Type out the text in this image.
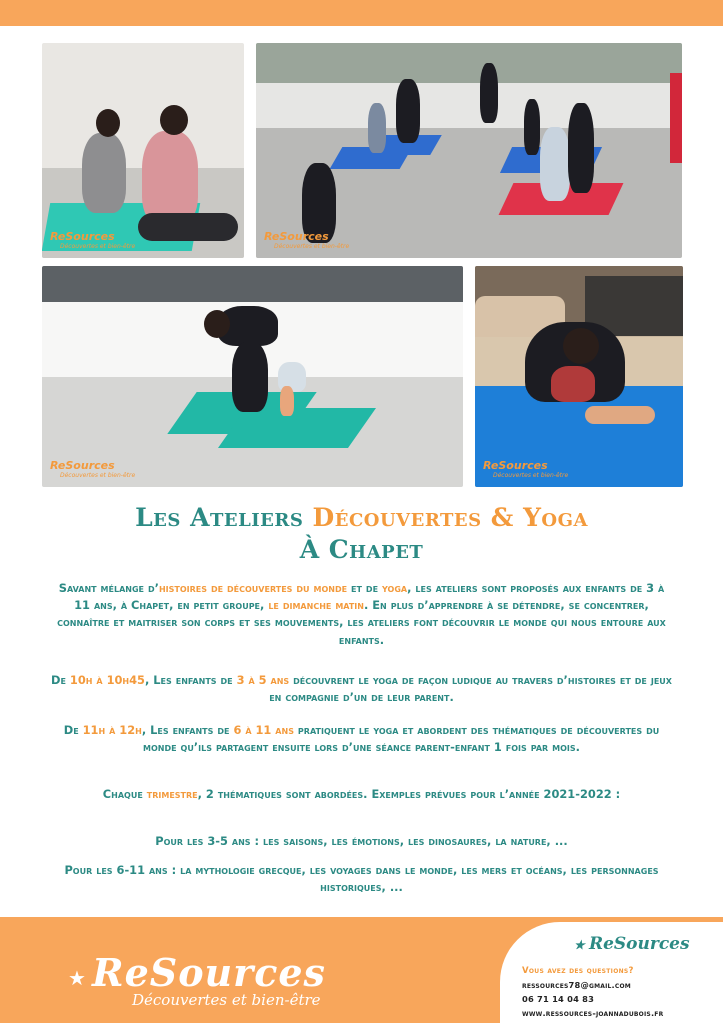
ReSources
Découvertes et bien-être
ReSources
Découvertes et bien-être
ReSources
Découvertes et bien-être
ReSources
Découvertes et bien-être
Les Ateliers Découvertes & Yoga
À Chapet
Savant mélange d’histoires de découvertes du monde et de yoga, les ateliers sont proposés aux enfants de 3 à 11 ans, à Chapet, en petit groupe, le dimanche matin. En plus d’apprendre à se détendre, se concentrer, connaître et maitriser son corps et ses mouvements, les ateliers font découvrir le monde qui nous entoure aux enfants.
De 10h à 10h45, Les enfants de 3 à 5 ans découvrent le yoga de façon ludique au travers d’histoires et de jeux en compagnie d’un de leur parent.
De 11h à 12h, Les enfants de 6 à 11 ans pratiquent le yoga et abordent des thématiques de découvertes du monde qu’ils partagent ensuite lors d’une séance parent-enfant 1 fois par mois.
Chaque trimestre, 2 thématiques sont abordées. Exemples prévues pour l’année 2021-2022 :
Pour les 3-5 ans : les saisons, les émotions, les dinosaures, la nature, ...
Pour les 6-11 ans : la mythologie grecque, les voyages dans le monde, les mers et océans, les personnages historiques, ...
★ ReSources
Découvertes et bien-être
★ ReSources
Vous avez des questions?
ressources78@gmail.com
06 71 14 04 83
www.ressources-joannadubois.fr
